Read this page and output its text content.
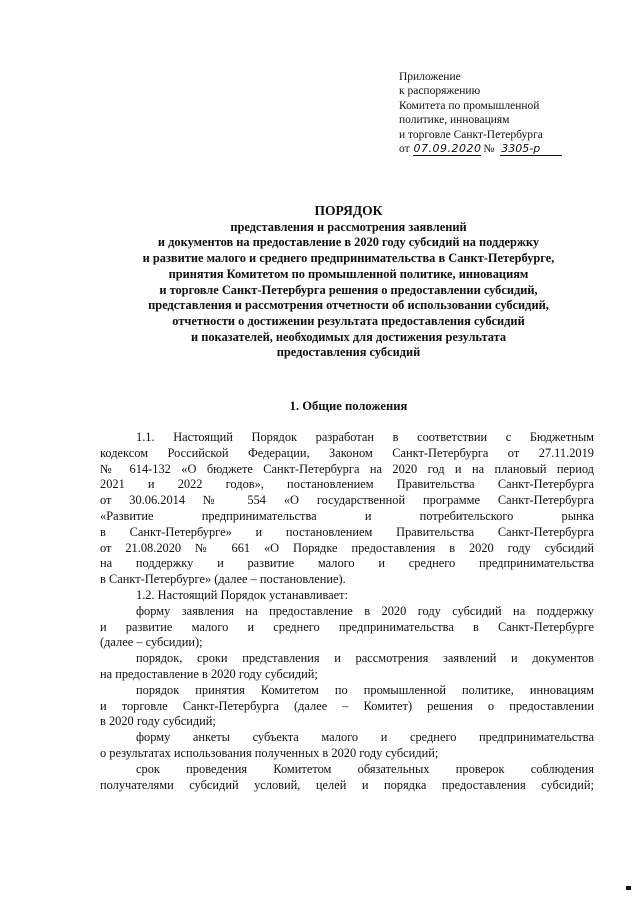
Приложение
к распоряжению
Комитета по промышленной
политике, инновациям
и торговле Санкт-Петербурга
от 07.09.2020 № 3305-р
ПОРЯДОК
представления и рассмотрения заявлений
и документов на предоставление в 2020 году субсидий на поддержку
и развитие малого и среднего предпринимательства в Санкт-Петербурге,
принятия Комитетом по промышленной политике, инновациям
и торговле Санкт-Петербурга решения о предоставлении субсидий,
представления и рассмотрения отчетности об использовании субсидий,
отчетности о достижении результата предоставления субсидий
и показателей, необходимых для достижения результата
предоставления субсидий
1. Общие положения
1.1. Настоящий Порядок разработан в соответствии с Бюджетным
кодексом Российской Федерации, Законом Санкт-Петербурга от 27.11.2019
№ 614-132 «О бюджете Санкт-Петербурга на 2020 год и на плановый период
2021 и 2022 годов», постановлением Правительства Санкт-Петербурга
от 30.06.2014 № 554 «О государственной программе Санкт-Петербурга
«Развитие предпринимательства и потребительского рынка
в Санкт-Петербурге» и постановлением Правительства Санкт-Петербурга
от 21.08.2020 № 661 «О Порядке предоставления в 2020 году субсидий
на поддержку и развитие малого и среднего предпринимательства
в Санкт-Петербурге» (далее – постановление).
1.2. Настоящий Порядок устанавливает:
форму заявления на предоставление в 2020 году субсидий на поддержку
и развитие малого и среднего предпринимательства в Санкт-Петербурге
(далее – субсидии);
порядок, сроки представления и рассмотрения заявлений и документов
на предоставление в 2020 году субсидий;
порядок принятия Комитетом по промышленной политике, инновациям
и торговле Санкт-Петербурга (далее – Комитет) решения о предоставлении
в 2020 году субсидий;
форму анкеты субъекта малого и среднего предпринимательства
о результатах использования полученных в 2020 году субсидий;
срок проведения Комитетом обязательных проверок соблюдения
получателями субсидий условий, целей и порядка предоставления субсидий;
